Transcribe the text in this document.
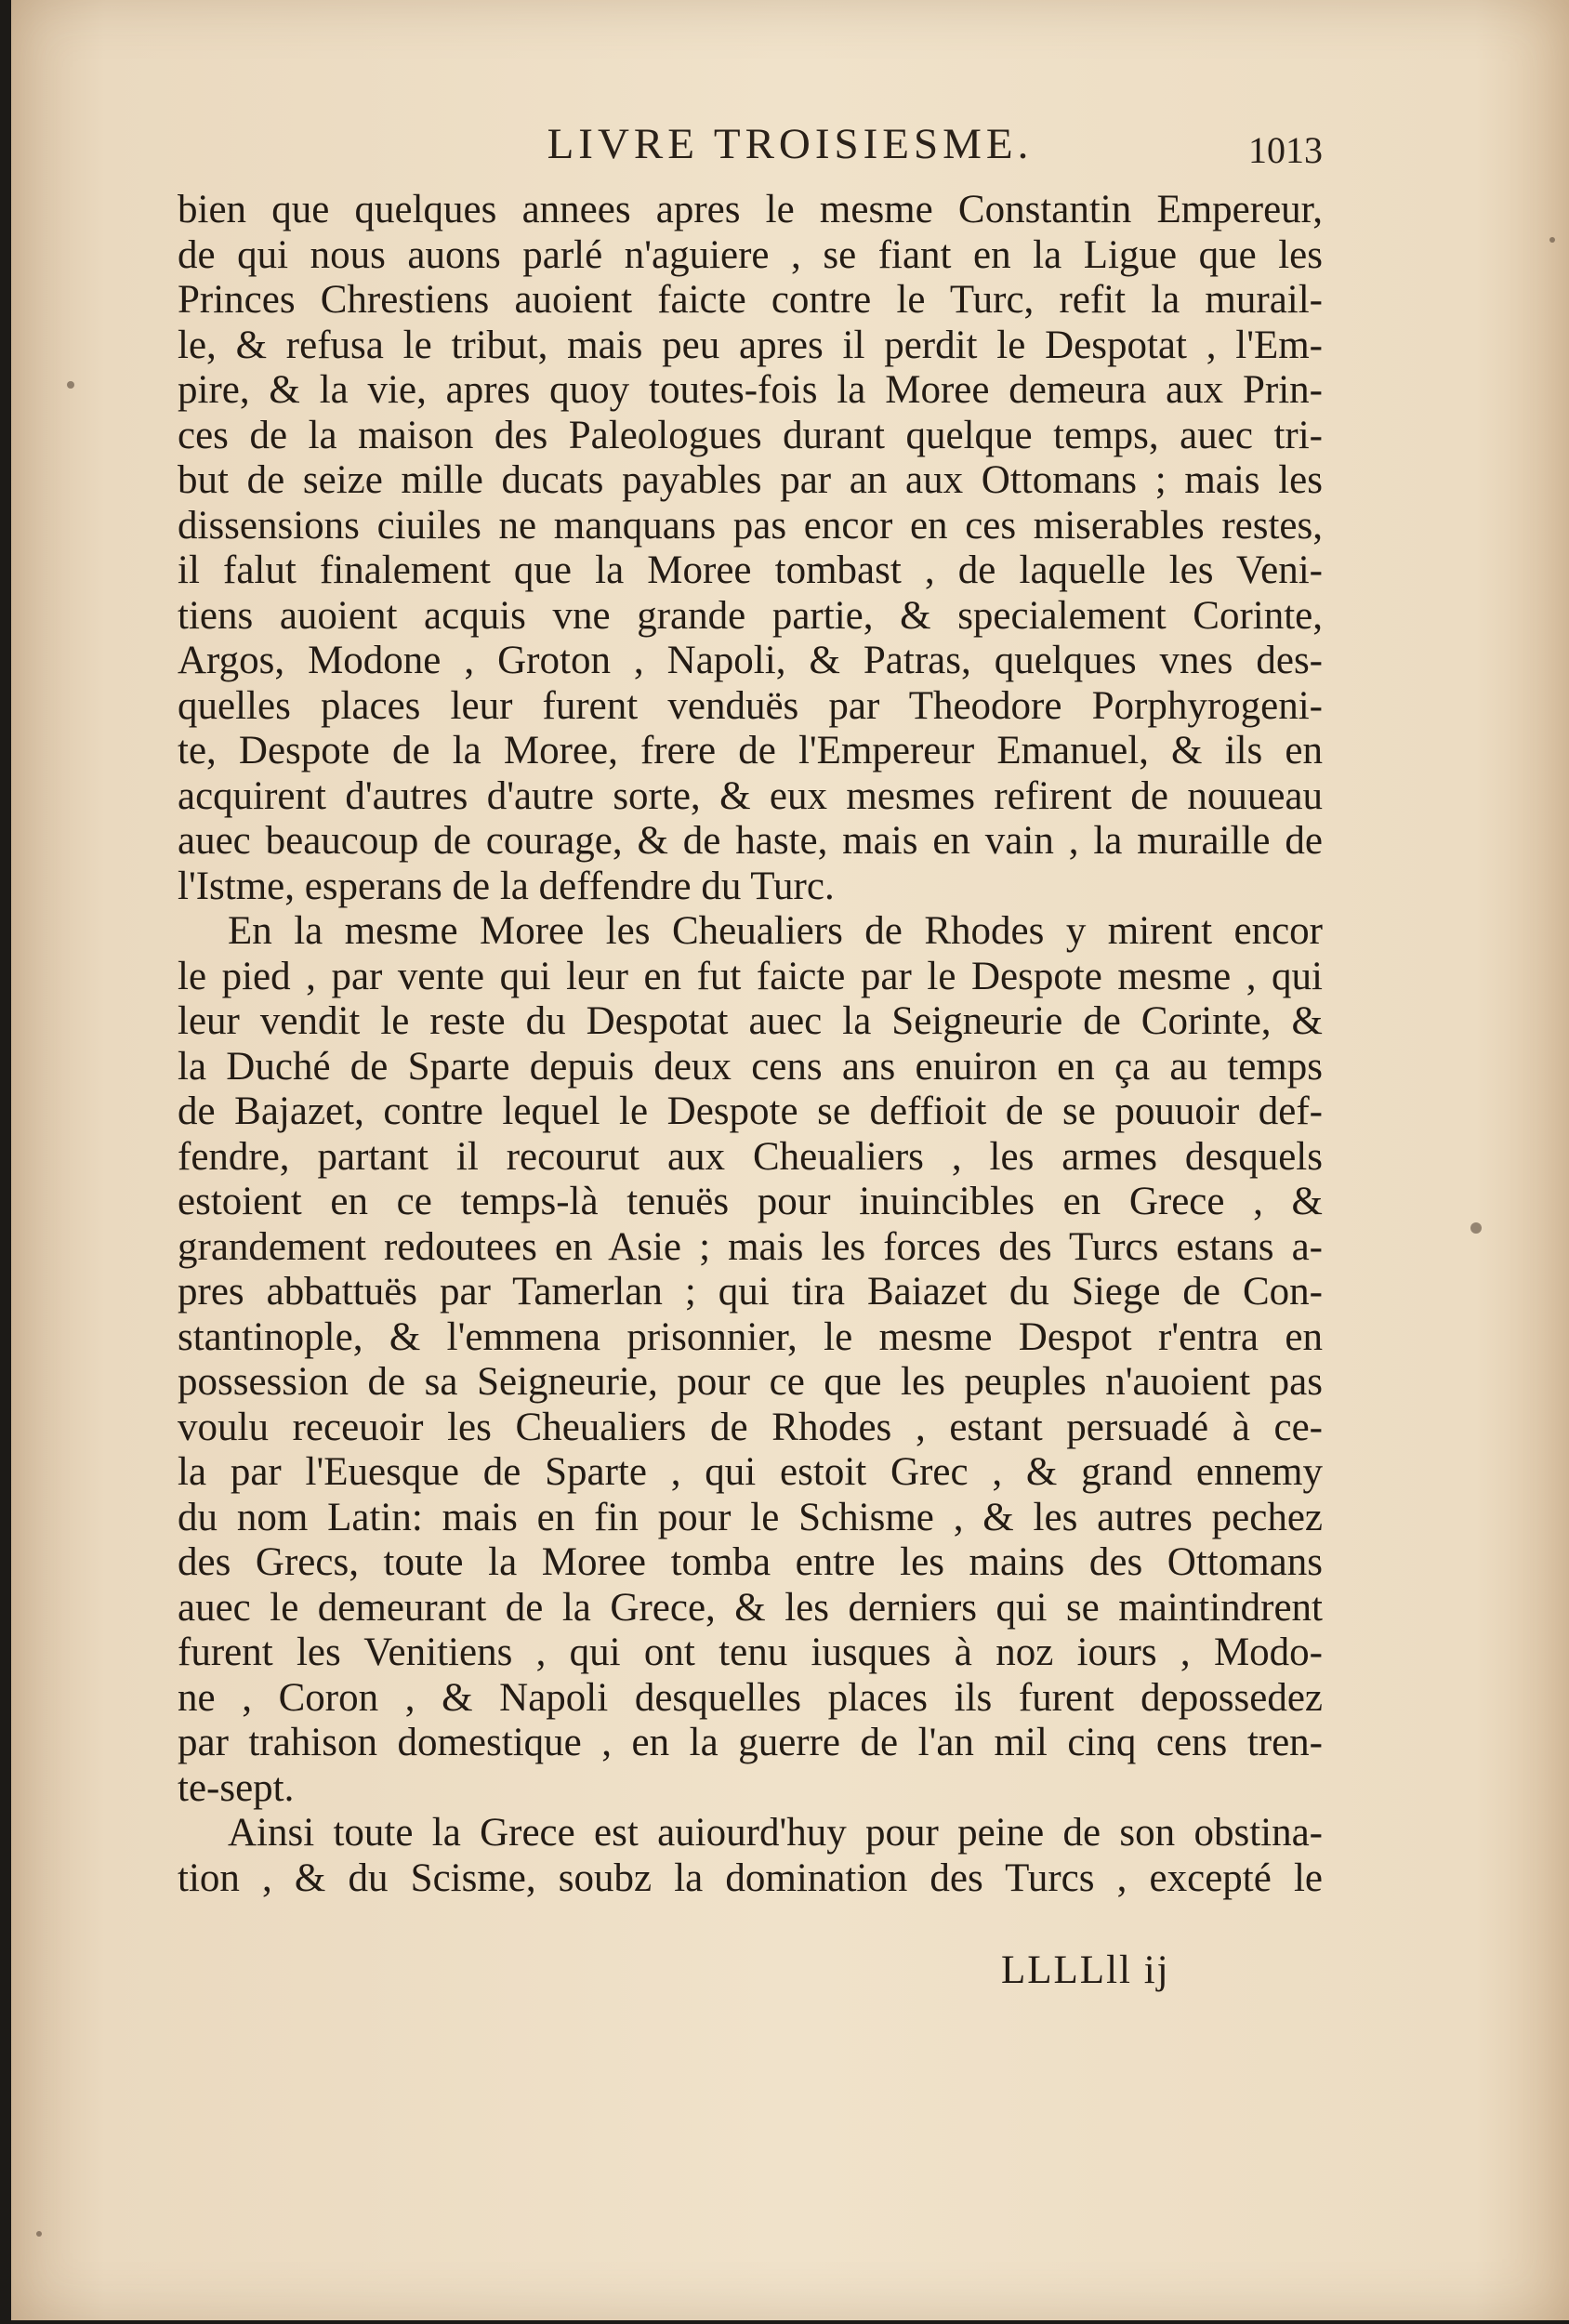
LIVRE TROISIESME.	1013
bien que quelques annees apres le mesme Constantin Empereur,
de qui nous auons parlé n'aguiere , se fiant en la Ligue que les
Princes Chrestiens auoient faicte contre le Turc, refit la murail-
le, & refusa le tribut, mais peu apres il perdit le Despotat , l'Em-
pire, & la vie, apres quoy toutes-fois la Moree demeura aux Prin-
ces de la maison des Paleologues durant quelque temps, auec tri-
but de seize mille ducats payables par an aux Ottomans ; mais les
dissensions ciuiles ne manquans pas encor en ces miserables restes,
il falut finalement que la Moree tombast , de laquelle les Veni-
tiens auoient acquis vne grande partie, & specialement Corinte,
Argos, Modone , Groton , Napoli, & Patras, quelques vnes des-
quelles places leur furent venduës par Theodore Porphyrogeni-
te, Despote de la Moree, frere de l'Empereur Emanuel, & ils en
acquirent d'autres d'autre sorte, & eux mesmes refirent de nouueau
auec beaucoup de courage, & de haste, mais en vain , la muraille de
l'Istme, esperans de la deffendre du Turc.
En la mesme Moree les Cheualiers de Rhodes y mirent encor
le pied , par vente qui leur en fut faicte par le Despote mesme , qui
leur vendit le reste du Despotat auec la Seigneurie de Corinte, &
la Duché de Sparte depuis deux cens ans enuiron en ça au temps
de Bajazet, contre lequel le Despote se deffioit de se pouuoir def-
fendre, partant il recourut aux Cheualiers , les armes desquels
estoient en ce temps-là tenuës pour inuincibles en Grece , &
grandement redoutees en Asie ; mais les forces des Turcs estans a-
pres abbattuës par Tamerlan ; qui tira Baiazet du Siege de Con-
stantinople, & l'emmena prisonnier, le mesme Despot r'entra en
possession de sa Seigneurie, pour ce que les peuples n'auoient pas
voulu receuoir les Cheualiers de Rhodes , estant persuadé à ce-
la par l'Euesque de Sparte , qui estoit Grec , & grand ennemy
du nom Latin: mais en fin pour le Schisme , & les autres pechez
des Grecs, toute la Moree tomba entre les mains des Ottomans
auec le demeurant de la Grece, & les derniers qui se maintindrent
furent les Venitiens , qui ont tenu iusques à noz iours , Modo-
ne , Coron , & Napoli desquelles places ils furent depossedez
par trahison domestique , en la guerre de l'an mil cinq cens tren-
te-sept.
Ainsi toute la Grece est auiourd'huy pour peine de son obstina-
tion , & du Scisme, soubz la domination des Turcs , excepté le
LLLLll ij
